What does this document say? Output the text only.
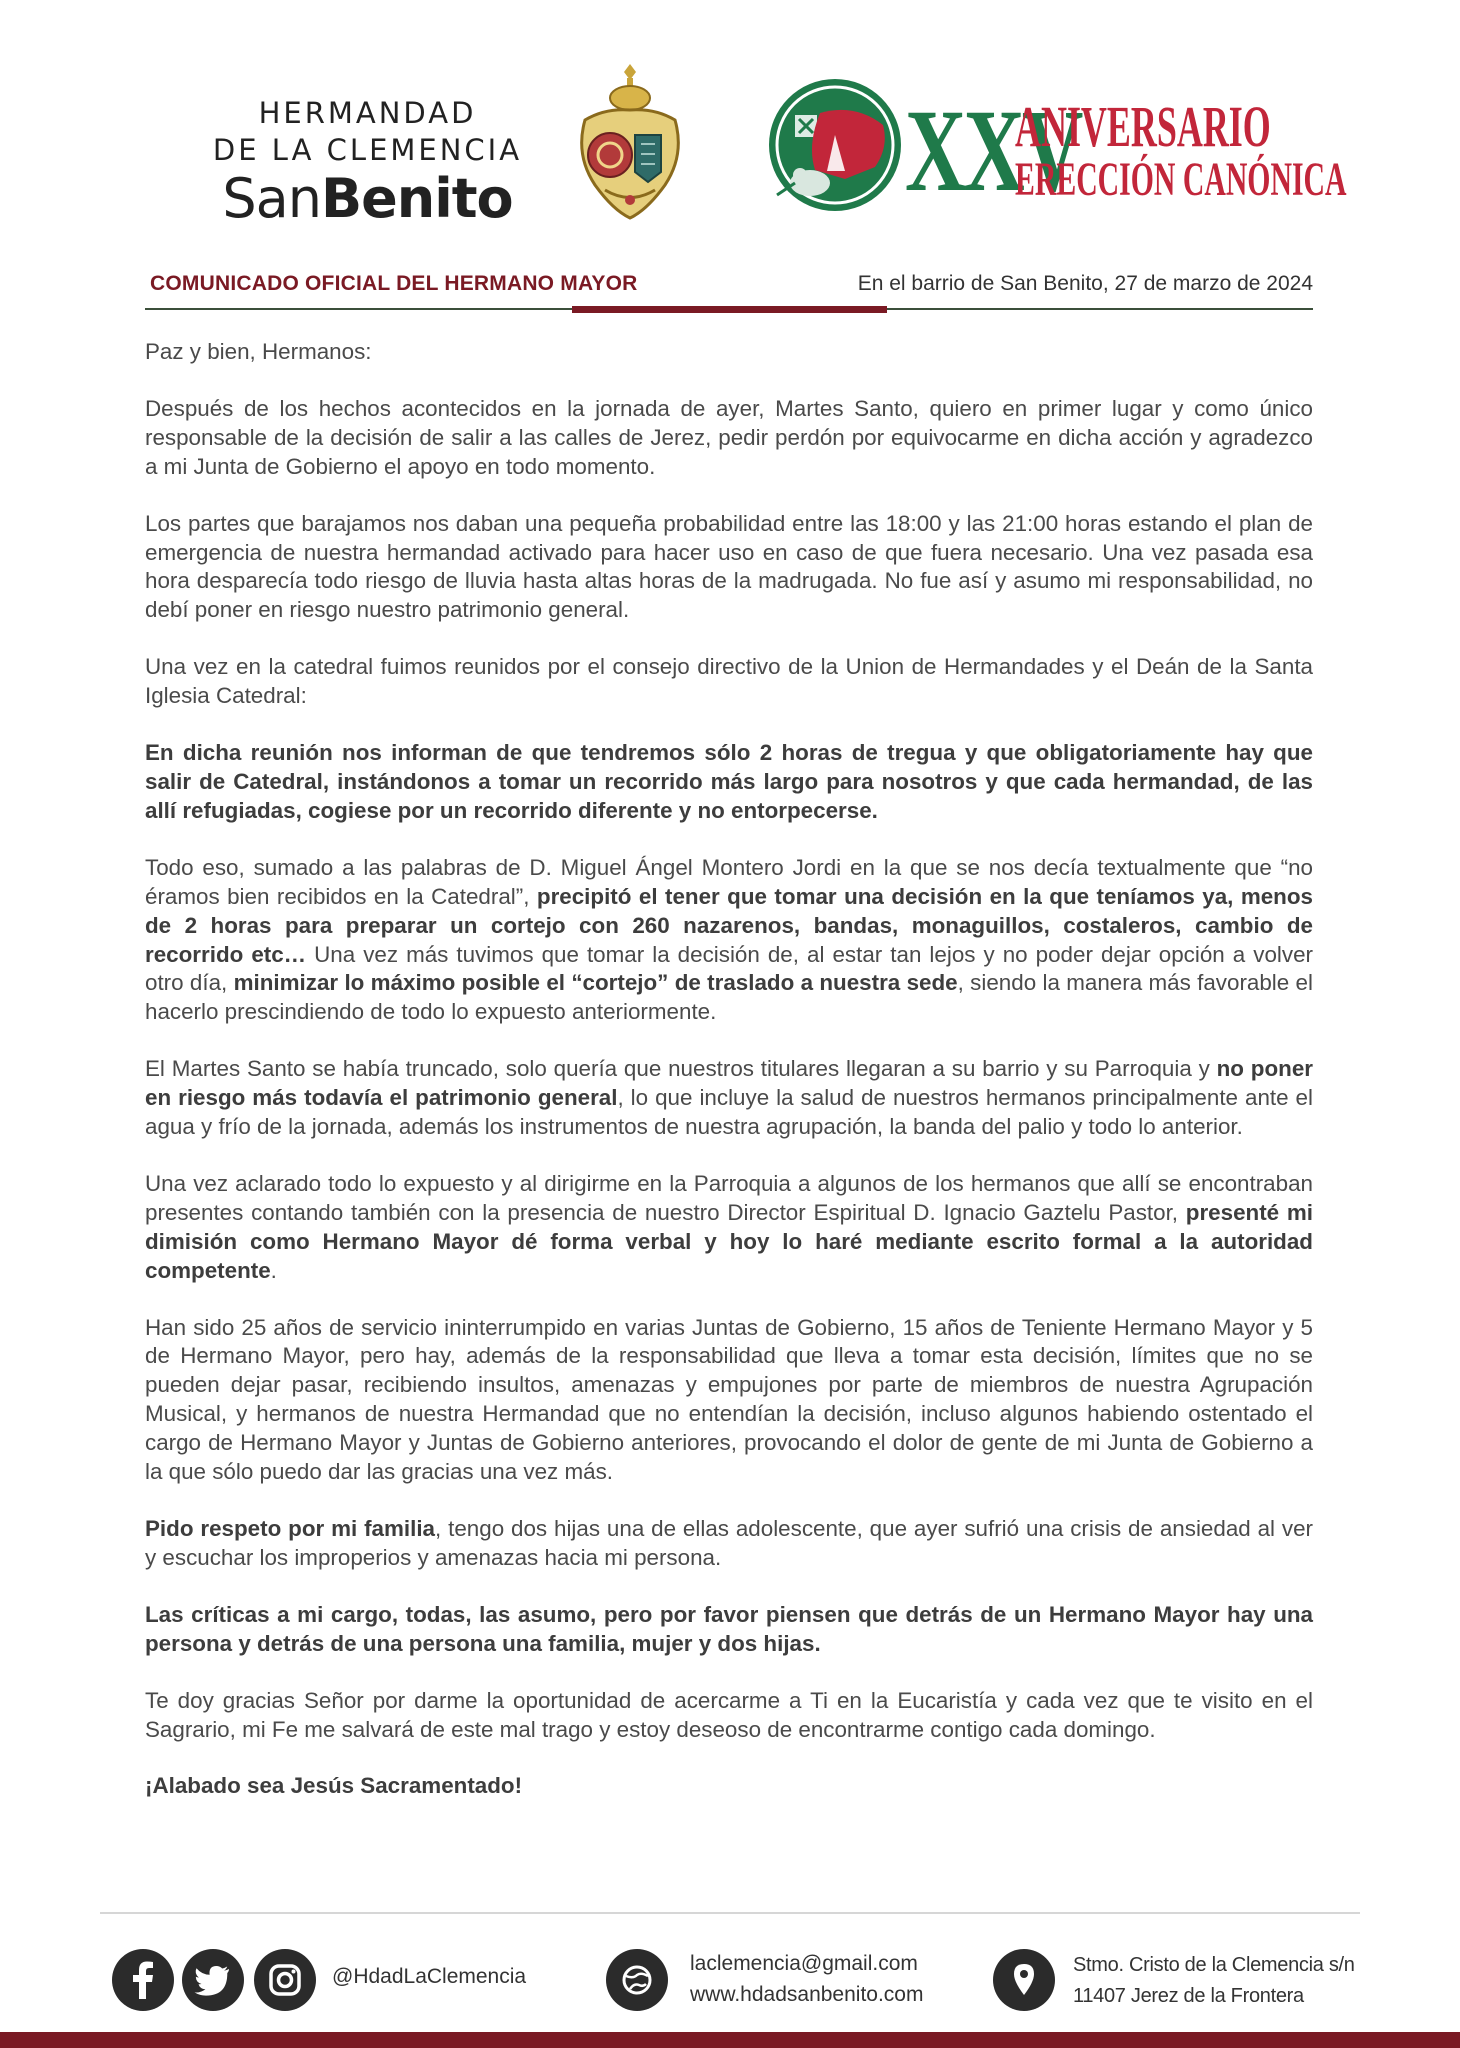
HERMANDAD
DE LA CLEMENCIA
SanBenito	XXV
ANIVERSARIO
ERECCIÓN CANÓNICA
COMUNICADO OFICIAL DEL HERMANO MAYOR	En el barrio de San Benito, 27 de marzo de 2024

Paz y bien, Hermanos:

Después de los hechos acontecidos en la jornada de ayer, Martes Santo, quiero en primer lugar y como único responsable de la decisión de salir a las calles de Jerez, pedir perdón por equivocarme en dicha acción y agradezco a mi Junta de Gobierno el apoyo en todo momento.

Los partes que barajamos nos daban una pequeña probabilidad entre las 18:00 y las 21:00 horas estando el plan de emergencia de nuestra hermandad activado para hacer uso en caso de que fuera necesario. Una vez pasada esa hora desparecía todo riesgo de lluvia hasta altas horas de la madrugada. No fue así y asumo mi responsabilidad, no debí poner en riesgo nuestro patrimonio general.

Una vez en la catedral fuimos reunidos por el consejo directivo de la Union de Hermandades y el Deán de la Santa Iglesia Catedral:

En dicha reunión nos informan de que tendremos sólo 2 horas de tregua y que obligatoriamente hay que salir de Catedral, instándonos a tomar un recorrido más largo para nosotros y que cada hermandad, de las allí refugiadas, cogiese por un recorrido diferente y no entorpecerse.

Todo eso, sumado a las palabras de D. Miguel Ángel Montero Jordi en la que se nos decía textualmente que “no éramos bien recibidos en la Catedral”, precipitó el tener que tomar una decisión en la que teníamos ya, menos de 2 horas para preparar un cortejo con 260 nazarenos, bandas, monaguillos, costaleros, cambio de recorrido etc… Una vez más tuvimos que tomar la decisión de, al estar tan lejos y no poder dejar opción a volver otro día, minimizar lo máximo posible el “cortejo” de traslado a nuestra sede, siendo la manera más favorable el hacerlo prescindiendo de todo lo expuesto anteriormente.

El Martes Santo se había truncado, solo quería que nuestros titulares llegaran a su barrio y su Parroquia y no poner en riesgo más todavía el patrimonio general, lo que incluye la salud de nuestros hermanos principalmente ante el agua y frío de la jornada, además los instrumentos de nuestra agrupación, la banda del palio y todo lo anterior.

Una vez aclarado todo lo expuesto y al dirigirme en la Parroquia a algunos de los hermanos que allí se encontraban presentes contando también con la presencia de nuestro Director Espiritual D. Ignacio Gaztelu Pastor, presenté mi dimisión como Hermano Mayor dé forma verbal y hoy lo haré mediante escrito formal a la autoridad competente.

Han sido 25 años de servicio ininterrumpido en varias Juntas de Gobierno, 15 años de Teniente Hermano Mayor y 5 de Hermano Mayor, pero hay, además de la responsabilidad que lleva a tomar esta decisión, límites que no se pueden dejar pasar, recibiendo insultos, amenazas y empujones por parte de miembros de nuestra Agrupación Musical, y hermanos de nuestra Hermandad que no entendían la decisión, incluso algunos habiendo ostentado el cargo de Hermano Mayor y Juntas de Gobierno anteriores, provocando el dolor de gente de mi Junta de Gobierno a la que sólo puedo dar las gracias una vez más.

Pido respeto por mi familia, tengo dos hijas una de ellas adolescente, que ayer sufrió una crisis de ansiedad al ver y escuchar los improperios y amenazas hacia mi persona.

Las críticas a mi cargo, todas, las asumo, pero por favor piensen que detrás de un Hermano Mayor hay una persona y detrás de una persona una familia, mujer y dos hijas.

Te doy gracias Señor por darme la oportunidad de acercarme a Ti en la Eucaristía y cada vez que te visito en el Sagrario, mi Fe me salvará de este mal trago y estoy deseoso de encontrarme contigo cada domingo.

¡Alabado sea Jesús Sacramentado!

@HdadLaClemencia
laclemencia@gmail.com
www.hdadsanbenito.com
Stmo. Cristo de la Clemencia s/n
11407 Jerez de la Frontera
